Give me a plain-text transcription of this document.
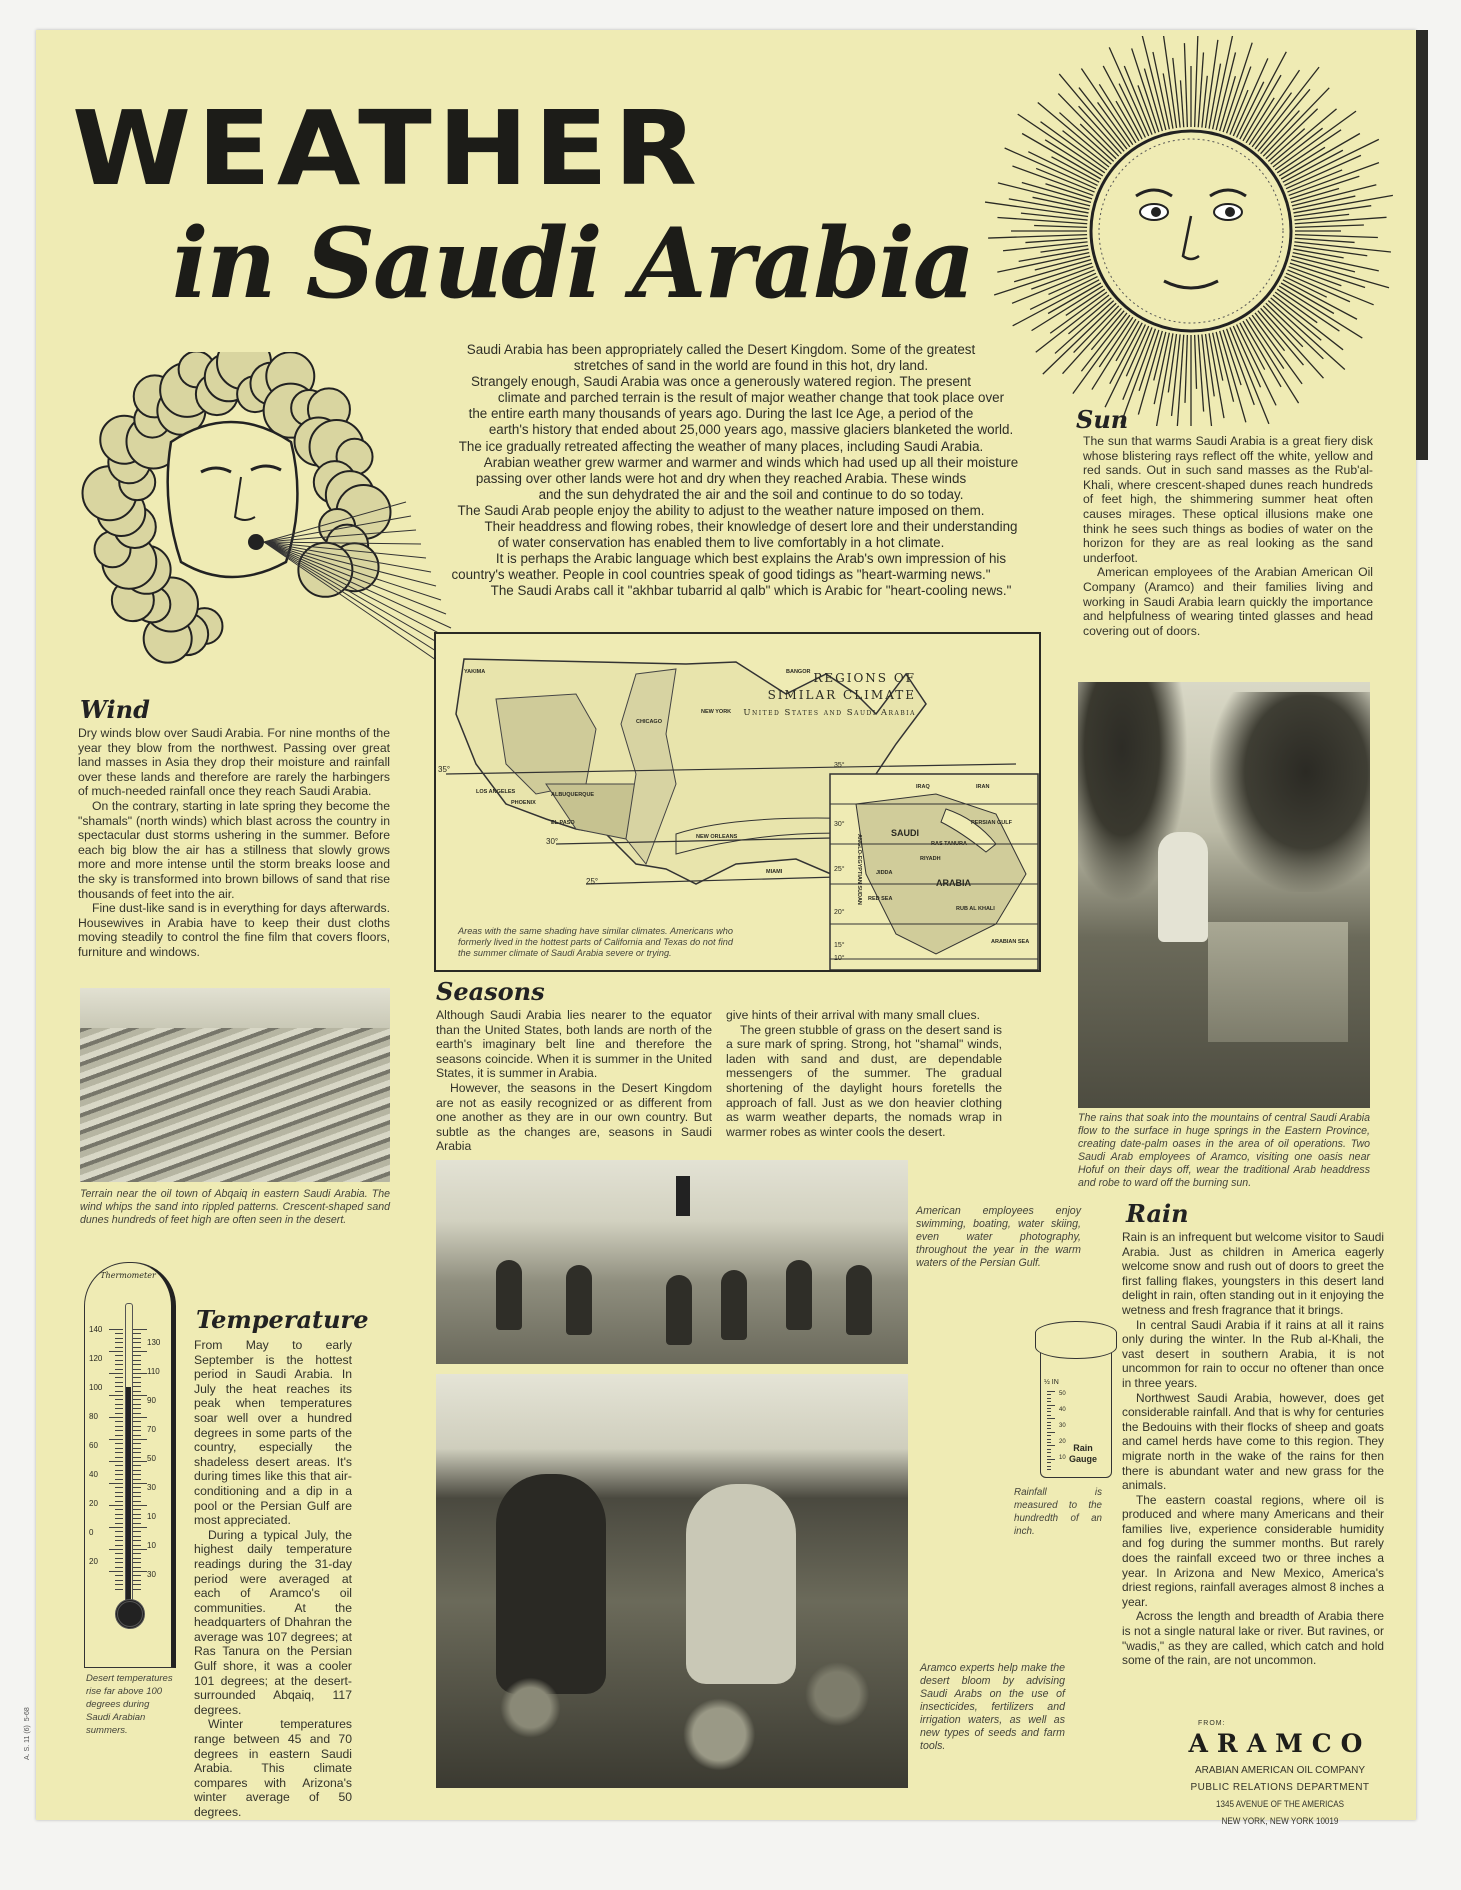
WEATHER
in Saudi Arabia
Saudi Arabia has been appropriately called the Desert Kingdom. Some of the greatest
stretches of sand in the world are found in this hot, dry land.
Strangely enough, Saudi Arabia was once a generously watered region. The present
climate and parched terrain is the result of major weather change that took place over
the entire earth many thousands of years ago. During the last Ice Age, a period of the
earth's history that ended about 25,000 years ago, massive glaciers blanketed the world.
The ice gradually retreated affecting the weather of many places, including Saudi Arabia.
Arabian weather grew warmer and warmer and winds which had used up all their moisture
passing over other lands were hot and dry when they reached Arabia. These winds
and the sun dehydrated the air and the soil and continue to do so today.
The Saudi Arab people enjoy the ability to adjust to the weather nature imposed on them.
Their headdress and flowing robes, their knowledge of desert lore and their understanding
of water conservation has enabled them to live comfortably in a hot climate.
It is perhaps the Arabic language which best explains the Arab's own impression of his
country's weather. People in cool countries speak of good tidings as "heart-warming news."
The Saudi Arabs call it "akhbar tubarrid al qalb" which is Arabic for "heart-cooling news."
Sun

The sun that warms Saudi Arabia is a great fiery disk whose blistering rays reflect off the white, yellow and red sands. Out in such sand masses as the Rub'al-Khali, where crescent-shaped dunes reach hundreds of feet high, the shimmering summer heat often causes mirages. These optical illusions make one think he sees such things as bodies of water on the horizon for they are as real looking as the sand underfoot.

American employees of the Arabian American Oil Company (Aramco) and their families living and working in Saudi Arabia learn quickly the importance and helpfulness of wearing tinted glasses and head covering out of doors.

Wind

Dry winds blow over Saudi Arabia. For nine months of the year they blow from the northwest. Passing over great land masses in Asia they drop their moisture and rainfall over these lands and therefore are rarely the harbingers of much-needed rainfall once they reach Saudi Arabia.

On the contrary, starting in late spring they become the "shamals" (north winds) which blast across the country in spectacular dust storms ushering in the summer. Before each big blow the air has a stillness that slowly grows more and more intense until the storm breaks loose and the sky is transformed into brown billows of sand that rise thousands of feet into the air.

Fine dust-like sand is in everything for days afterwards. Housewives in Arabia have to keep their dust cloths moving steadily to control the fine film that covers floors, furniture and windows.

REGIONS OF
SIMILAR CLIMATE
United States and Saudi Arabia
Areas with the same shading have similar climates. Americans who formerly lived in the hottest parts of California and Texas do not find the summer climate of Saudi Arabia severe or trying.
35°
30°
25°
35°
30°
25°
20°
15°
10°
YAKIMA
LOS ANGELES
PHOENIX
ALBUQUERQUE
EL PASO
CHICAGO
NEW YORK
BANGOR
NEW ORLEANS
MIAMI
IRAQ	IRAN
SAUDI
ARABIA
PERSIAN GULF
RED SEA
RAS TANURA
RIYADH
JIDDA
RUB AL KHALI
ARABIAN SEA
ANGLO-EGYPTIAN SUDAN
The rains that soak into the mountains of central Saudi Arabia flow to the surface in huge springs in the Eastern Province, creating date-palm oases in the area of oil operations. Two Saudi Arab employees of Aramco, visiting one oasis near Hofuf on their days off, wear the traditional Arab headdress and robe to ward off the burning sun.
Seasons

Although Saudi Arabia lies nearer to the equator than the United States, both lands are north of the earth's imaginary belt line and therefore the seasons coincide. When it is summer in the United States, it is summer in Arabia.

However, the seasons in the Desert Kingdom are not as easily recognized or as different from one another as they are in our own country. But subtle as the changes are, seasons in Saudi Arabia

give hints of their arrival with many small clues.

The green stubble of grass on the desert sand is a sure mark of spring. Strong, hot "shamal" winds, laden with sand and dust, are dependable messengers of the summer. The gradual shortening of the daylight hours foretells the approach of fall. Just as we don heavier clothing as warm weather departs, the nomads wrap in warmer robes as winter cools the desert.

Terrain near the oil town of Abqaiq in eastern Saudi Arabia. The wind whips the sand into rippled patterns. Crescent-shaped sand dunes hundreds of feet high are often seen in the desert.
American employees enjoy swimming, boating, water skiing, even water photography, throughout the year in the warm waters of the Persian Gulf.
Aramco experts help make the desert bloom by advising Saudi Arabs on the use of insecticides, fertilizers and irrigation waters, as well as new types of seeds and farm tools.
Thermometer
140
120
100
80
60
40
20
0
20
130
110
90
70
50
30
10
10
30
Desert temperatures rise far above 100 degrees during Saudi Arabian summers.
Temperature

From May to early September is the hottest period in Saudi Arabia. In July the heat reaches its peak when temperatures soar well over a hundred degrees in some parts of the country, especially the shadeless desert areas. It's during times like this that air-conditioning and a dip in a pool or the Persian Gulf are most appreciated.

During a typical July, the highest daily temperature readings during the 31-day period were averaged at each of Aramco's oil communities. At the headquarters of Dhahran the average was 107 degrees; at Ras Tanura on the Persian Gulf shore, it was a cooler 101 degrees; at the desert-surrounded Abqaiq, 117 degrees.

Winter temperatures range between 45 and 70 degrees in eastern Saudi Arabia. This climate compares with Arizona's winter average of 50 degrees.

½ IN
50
40
30
20
10
Rain
Gauge
Rainfall is measured to the hundredth of an inch.
Rain

Rain is an infrequent but welcome visitor to Saudi Arabia. Just as children in America eagerly welcome snow and rush out of doors to greet the first falling flakes, youngsters in this desert land delight in rain, often standing out in it enjoying the wetness and fresh fragrance that it brings.

In central Saudi Arabia if it rains at all it rains only during the winter. In the Rub al-Khali, the vast desert in southern Arabia, it is not uncommon for rain to occur no oftener than once in three years.

Northwest Saudi Arabia, however, does get considerable rainfall. And that is why for centuries the Bedouins with their flocks of sheep and goats and camel herds have come to this region. They migrate north in the wake of the rains for then there is abundant water and new grass for the animals.

The eastern coastal regions, where oil is produced and where many Americans and their families live, experience considerable humidity and fog during the summer months. But rarely does the rainfall exceed two or three inches a year. In Arizona and New Mexico, America's driest regions, rainfall averages almost 8 inches a year.

Across the length and breadth of Arabia there is not a single natural lake or river. But ravines, or "wadis," as they are called, which catch and hold some of the rain, are not uncommon.

FROM:
ARAMCO
ARABIAN AMERICAN OIL COMPANY
PUBLIC RELATIONS DEPARTMENT
1345 AVENUE OF THE AMERICAS
NEW YORK, NEW YORK 10019
A. S. 11 (6)  5-68
